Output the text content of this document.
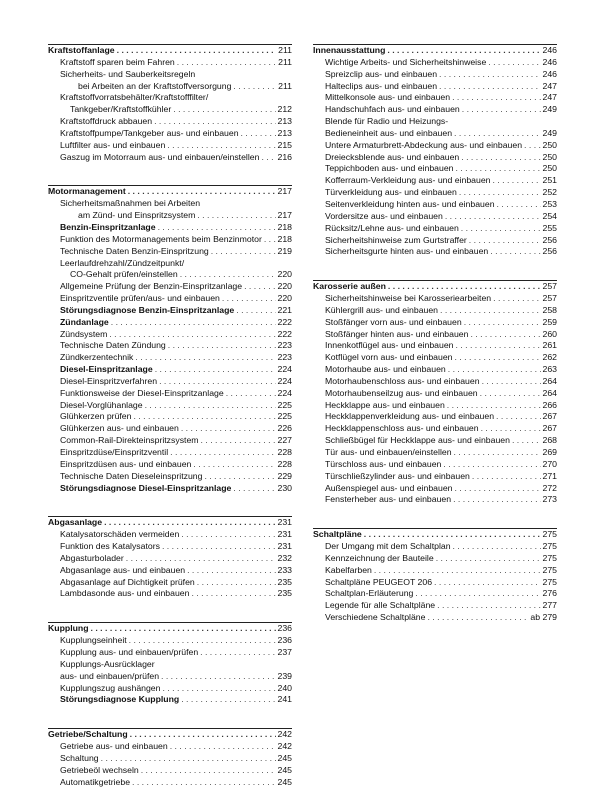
Kraftstoffanlage . . .	211
Kraftstoff sparen beim Fahren . . .	211
Sicherheits- und Sauberkeitsregeln
bei Arbeiten an der Kraftstoffversorgung . . .	211
Kraftstoffvorratsbehälter/Kraftstofffilter/
Tankgeber/Kraftstoffkühler . . .	212
Kraftstoffdruck abbauen . . .	213
Kraftstoffpumpe/Tankgeber aus- und einbauen . . .	213
Luftfilter aus- und einbauen . . .	215
Gaszug im Motorraum aus- und einbauen/einstellen . . . 216
Motormanagement . . .	217
Sicherheitsmaßnahmen bei Arbeiten
am Zünd- und Einspritzsystem . . .	217
Benzin-Einspritzanlage . . .	218
Funktion des Motormanagements beim Benzinmotor . . . 218
Technische Daten Benzin-Einspritzung . . .	219
Leerlaufdrehzahl/Zündzeitpunkt/
CO-Gehalt prüfen/einstellen . . .	220
Allgemeine Prüfung der Benzin-Einspritzanlage . . .	220
Einspritzventile prüfen/aus- und einbauen . . .	220
Störungsdiagnose Benzin-Einspritzanlage . . .	221
Zündanlage . . .	222
Zündsystem . . .	222
Technische Daten Zündung . . .	223
Zündkerzentechnik . . .	223
Diesel-Einspritzanlage . . .	224
Diesel-Einspritzverfahren . . .	224
Funktionsweise der Diesel-Einspritzanlage . . .	224
Diesel-Vorglühanlage . . .	225
Glühkerzen prüfen . . .	225
Glühkerzen aus- und einbauen . . .	226
Common-Rail-Direkteinspritzsystem . . .	227
Einspritzdüse/Einspritzventil . . .	228
Einspritzdüsen aus- und einbauen . . .	228
Technische Daten Dieseleinspritzung . . .	229
Störungsdiagnose Diesel-Einspritzanlage . . .	230
Abgasanlage . . .	231
Katalysatorschäden vermeiden . . .	231
Funktion des Katalysators . . .	231
Abgasturbolader . . .	232
Abgasanlage aus- und einbauen . . .	233
Abgasanlage auf Dichtigkeit prüfen . . .	235
Lambdasonde aus- und einbauen . . .	235
Kupplung . . .	236
Kupplungseinheit . . .	236
Kupplung aus- und einbauen/prüfen . . .	237
Kupplungs-Ausrücklager
aus- und einbauen/prüfen . . .	239
Kupplungszug aushängen . . .	240
Störungsdiagnose Kupplung . . .	241
Getriebe/Schaltung . . .	242
Getriebe aus- und einbauen . . .	242
Schaltung . . .	245
Getriebeöl wechseln . . .	245
Automatikgetriebe . . .	245
Innenausstattung . . .	246
Wichtige Arbeits- und Sicherheitshinweise . . .	246
Spreizclip aus- und einbauen . . .	246
Halteclips aus- und einbauen . . .	247
Mittelkonsole aus- und einbauen . . .	247
Handschuhfach aus- und einbauen . . .	249
Blende für Radio und Heizungs-
Bedieneinheit aus- und einbauen . . .	249
Untere Armaturbrett-Abdeckung aus- und einbauen . . . 250
Dreiecksblende aus- und einbauen . . .	250
Teppichboden aus- und einbauen . . .	250
Kofferraum-Verkleidung aus- und einbauen . . .	251
Türverkleidung aus- und einbauen . . .	252
Seitenverkleidung hinten aus- und einbauen . . .	253
Vordersitze aus- und einbauen . . .	254
Rücksitz/Lehne aus- und einbauen . . .	255
Sicherheitshinweise zum Gurtstraffer . . .	256
Sicherheitsgurte hinten aus- und einbauen . . .	256
Karosserie außen . . .	257
Sicherheitshinweise bei Karosseriearbeiten . . .	257
Kühlergrill aus- und einbauen . . .	258
Stoßfänger vorn aus- und einbauen . . .	259
Stoßfänger hinten aus- und einbauen . . .	260
Innenkotflügel aus- und einbauen . . .	261
Kotflügel vorn aus- und einbauen . . .	262
Motorhaube aus- und einbauen . . .	263
Motorhaubenschloss aus- und einbauen . . .	264
Motorhaubenseilzug aus- und einbauen . . .	264
Heckklappe aus- und einbauen . . .	266
Heckklappenverkleidung aus- und einbauen . . .	267
Heckklappenschloss aus- und einbauen . . .	267
Schließbügel für Heckklappe aus- und einbauen . . .	268
Tür aus- und einbauen/einstellen . . .	269
Türschloss aus- und einbauen . . .	270
Türschließzylinder aus- und einbauen . . .	271
Außenspiegel aus- und einbauen . . .	272
Fensterheber aus- und einbauen . . .	273
Schaltpläne . . .	275
Der Umgang mit dem Schaltplan . . .	275
Kennzeichnung der Bauteile . . .	275
Kabelfarben . . .	275
Schaltpläne PEUGEOT 206 . . .	275
Schaltplan-Erläuterung . . .	276
Legende für alle Schaltpläne . . .	277
Verschiedene Schaltpläne . . .	ab 279
